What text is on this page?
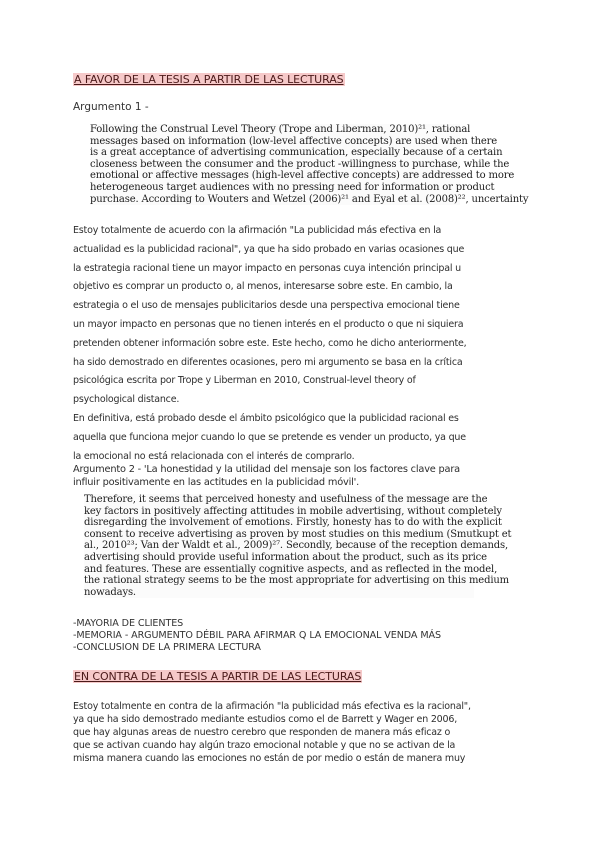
A FAVOR DE LA TESIS A PARTIR DE LAS LECTURAS
Argumento 1 -
Following the Construal Level Theory (Trope and Liberman, 2010)²¹, rational
messages based on information (low-level affective concepts) are used when there
is a great acceptance of advertising communication, especially because of a certain
closeness between the consumer and the product -willingness to purchase, while the
emotional or affective messages (high-level affective concepts) are addressed to more
heterogeneous target audiences with no pressing need for information or product
purchase. According to Wouters and Wetzel (2006)²¹ and Eyal et al. (2008)²², uncertainty
Estoy totalmente de acuerdo con la afirmación "La publicidad más efectiva en la
actualidad es la publicidad racional", ya que ha sido probado en varias ocasiones que
la estrategia racional tiene un mayor impacto en personas cuya intención principal u
objetivo es comprar un producto o, al menos, interesarse sobre este. En cambio, la
estrategia o el uso de mensajes publicitarios desde una perspectiva emocional tiene
un mayor impacto en personas que no tienen interés en el producto o que ni siquiera
pretenden obtener información sobre este. Este hecho, como he dicho anteriormente,
ha sido demostrado en diferentes ocasiones, pero mi argumento se basa en la crítica
psicológica escrita por Trope y Liberman en 2010, Construal-level theory of
psychological distance.
En definitiva, está probado desde el ámbito psicológico que la publicidad racional es
aquella que funciona mejor cuando lo que se pretende es vender un producto, ya que
la emocional no está relacionada con el interés de comprarlo.
Argumento 2 - 'La honestidad y la utilidad del mensaje son los factores clave para
influir positivamente en las actitudes en la publicidad móvil'.
Therefore, it seems that perceived honesty and usefulness of the message are the
key factors in positively affecting attitudes in mobile advertising, without completely
disregarding the involvement of emotions. Firstly, honesty has to do with the explicit
consent to receive advertising as proven by most studies on this medium (Smutkupt et
al., 2010²³; Van der Waldt et al., 2009)²⁷. Secondly, because of the reception demands,
advertising should provide useful information about the product, such as its price
and features. These are essentially cognitive aspects, and as reflected in the model,
the rational strategy seems to be the most appropriate for advertising on this medium
nowadays.
-MAYORIA DE CLIENTES
-MEMORIA - ARGUMENTO DÉBIL PARA AFIRMAR Q LA EMOCIONAL VENDA MÁS
-CONCLUSION DE LA PRIMERA LECTURA
EN CONTRA DE LA TESIS A PARTIR DE LAS LECTURAS
Estoy totalmente en contra de la afirmación "la publicidad más efectiva es la racional",
ya que ha sido demostrado mediante estudios como el de Barrett y Wager en 2006,
que hay algunas areas de nuestro cerebro que responden de manera más eficaz o
que se activan cuando hay algún trazo emocional notable y que no se activan de la
misma manera cuando las emociones no están de por medio o están de manera muy
